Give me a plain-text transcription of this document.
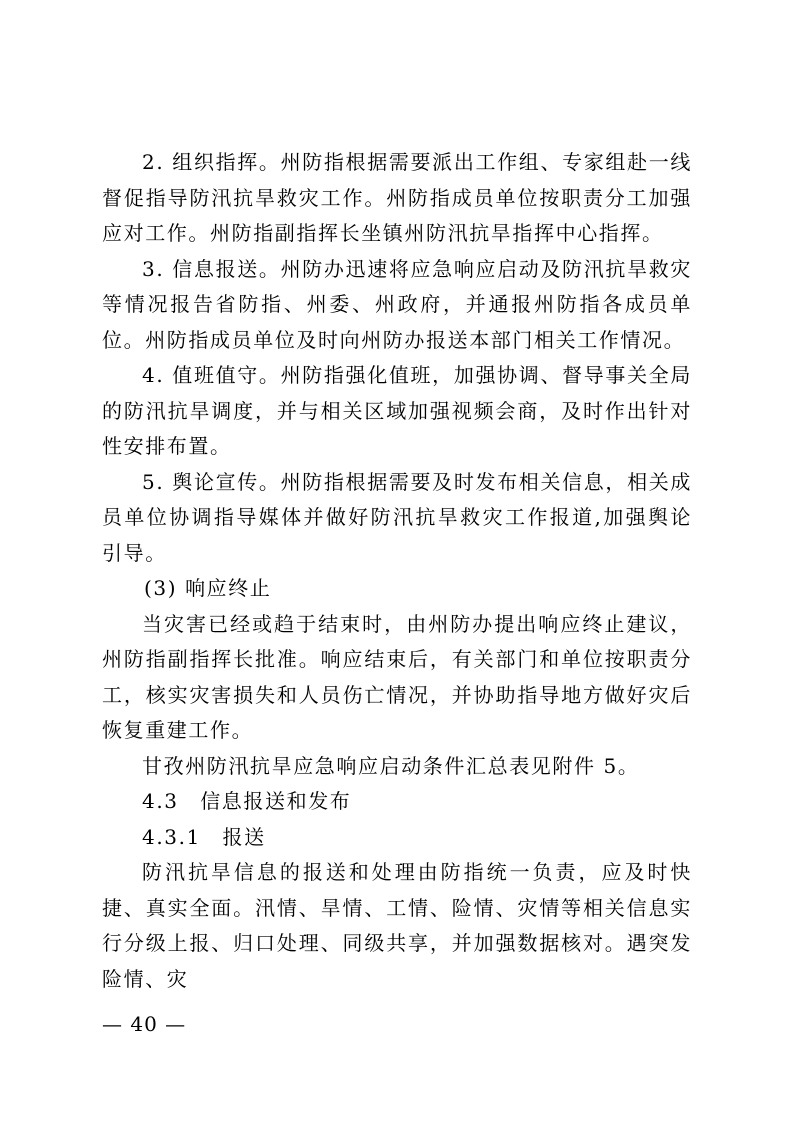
2. 组织指挥。州防指根据需要派出工作组、专家组赴一线督促指导防汛抗旱救灾工作。州防指成员单位按职责分工加强应对工作。州防指副指挥长坐镇州防汛抗旱指挥中心指挥。

3. 信息报送。州防办迅速将应急响应启动及防汛抗旱救灾等情况报告省防指、州委、州政府，并通报州防指各成员单位。州防指成员单位及时向州防办报送本部门相关工作情况。

4. 值班值守。州防指强化值班，加强协调、督导事关全局的防汛抗旱调度，并与相关区域加强视频会商，及时作出针对性安排布置。

5. 舆论宣传。州防指根据需要及时发布相关信息，相关成员单位协调指导媒体并做好防汛抗旱救灾工作报道,加强舆论引导。

(3) 响应终止

当灾害已经或趋于结束时，由州防办提出响应终止建议，州防指副指挥长批准。响应结束后，有关部门和单位按职责分工，核实灾害损失和人员伤亡情况，并协助指导地方做好灾后恢复重建工作。

甘孜州防汛抗旱应急响应启动条件汇总表见附件 5。

4.3　信息报送和发布

4.3.1　报送

防汛抗旱信息的报送和处理由防指统一负责，应及时快捷、真实全面。汛情、旱情、工情、险情、灾情等相关信息实行分级上报、归口处理、同级共享，并加强数据核对。遇突发险情、灾

— 40 —
